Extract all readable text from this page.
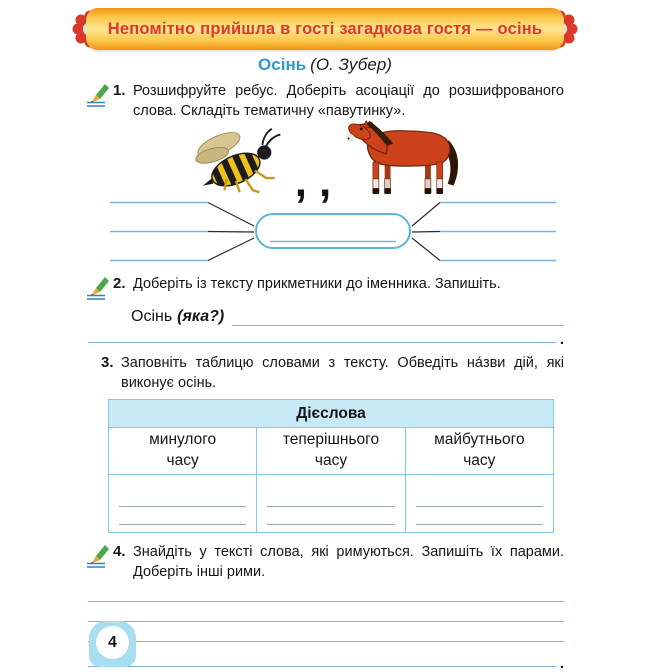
Непомітно прийшла в гості загадкова гостя — осінь
Осінь (О. Зубер)
1. Розшифруйте ребус. Доберіть асоціації до розшифрованого слова. Складіть тематичну «павутинку».
, ,
2. Доберіть із тексту прикметники до іменника. Запишіть.
Осінь (яка?)
.
3. Заповніть таблицю словами з тексту. Обведіть на́зви дій, які виконує осінь.
Дієслова		
минулого часу	теперішнього часу	майбутнього часу

4. Знайдіть у тексті слова, які римуються. Запишіть їх парами. Доберіть інші рими.
.
4
